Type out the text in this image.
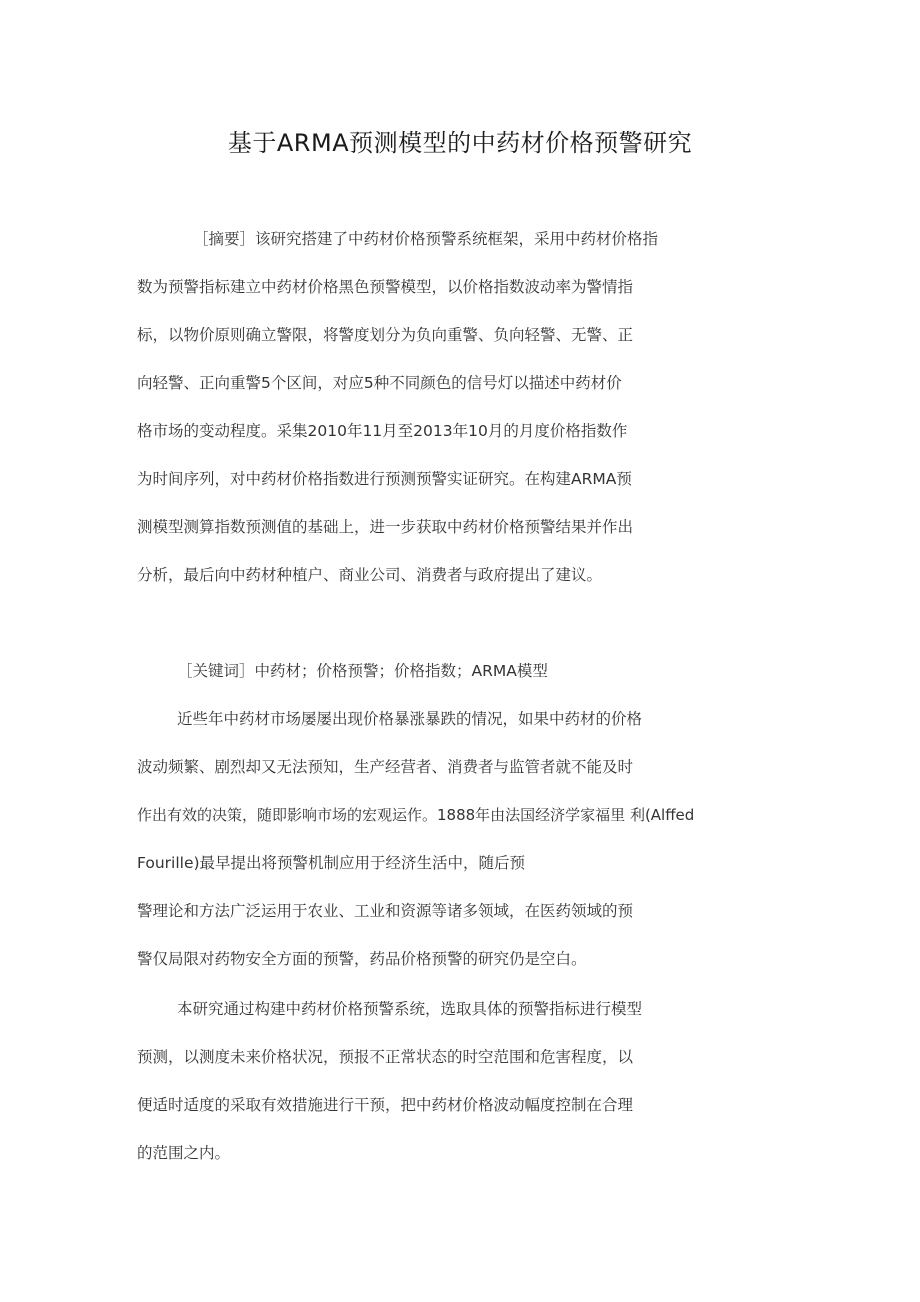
基于ARMA预测模型的中药材价格预警研究
［摘要］该研究搭建了中药材价格预警系统框架，采用中药材价格指
数为预警指标建立中药材价格黑色预警模型，以价格指数波动率为警情指
标，以物价原则确立警限，将警度划分为负向重警、负向轻警、无警、正
向轻警、正向重警5个区间，对应5种不同颜色的信号灯以描述中药材价
格市场的变动程度。采集2010年11月至2013年10月的月度价格指数作
为时间序列，对中药材价格指数进行预测预警实证研究。在构建ARMA预
测模型测算指数预测值的基础上，进一步获取中药材价格预警结果并作出
分析，最后向中药材种植户、商业公司、消费者与政府提出了建议。
［关键词］中药材；价格预警；价格指数；ARMA模型
近些年中药材市场屡屡出现价格暴涨暴跌的情况，如果中药材的价格
波动频繁、剧烈却又无法预知，生产经营者、消费者与监管者就不能及时
作出有效的决策，随即影响市场的宏观运作。1888年由法国经济学家福里 利(Alffed
Fourille)最早提出将预警机制应用于经济生活中，随后预
警理论和方法广泛运用于农业、工业和资源等诸多领域，在医药领域的预
警仅局限对药物安全方面的预警，药品价格预警的研究仍是空白。
本研究通过构建中药材价格预警系统，选取具体的预警指标进行模型
预测，以测度未来价格状况，预报不正常状态的时空范围和危害程度，以
便适时适度的采取有效措施进行干预，把中药材价格波动幅度控制在合理
的范围之内。
